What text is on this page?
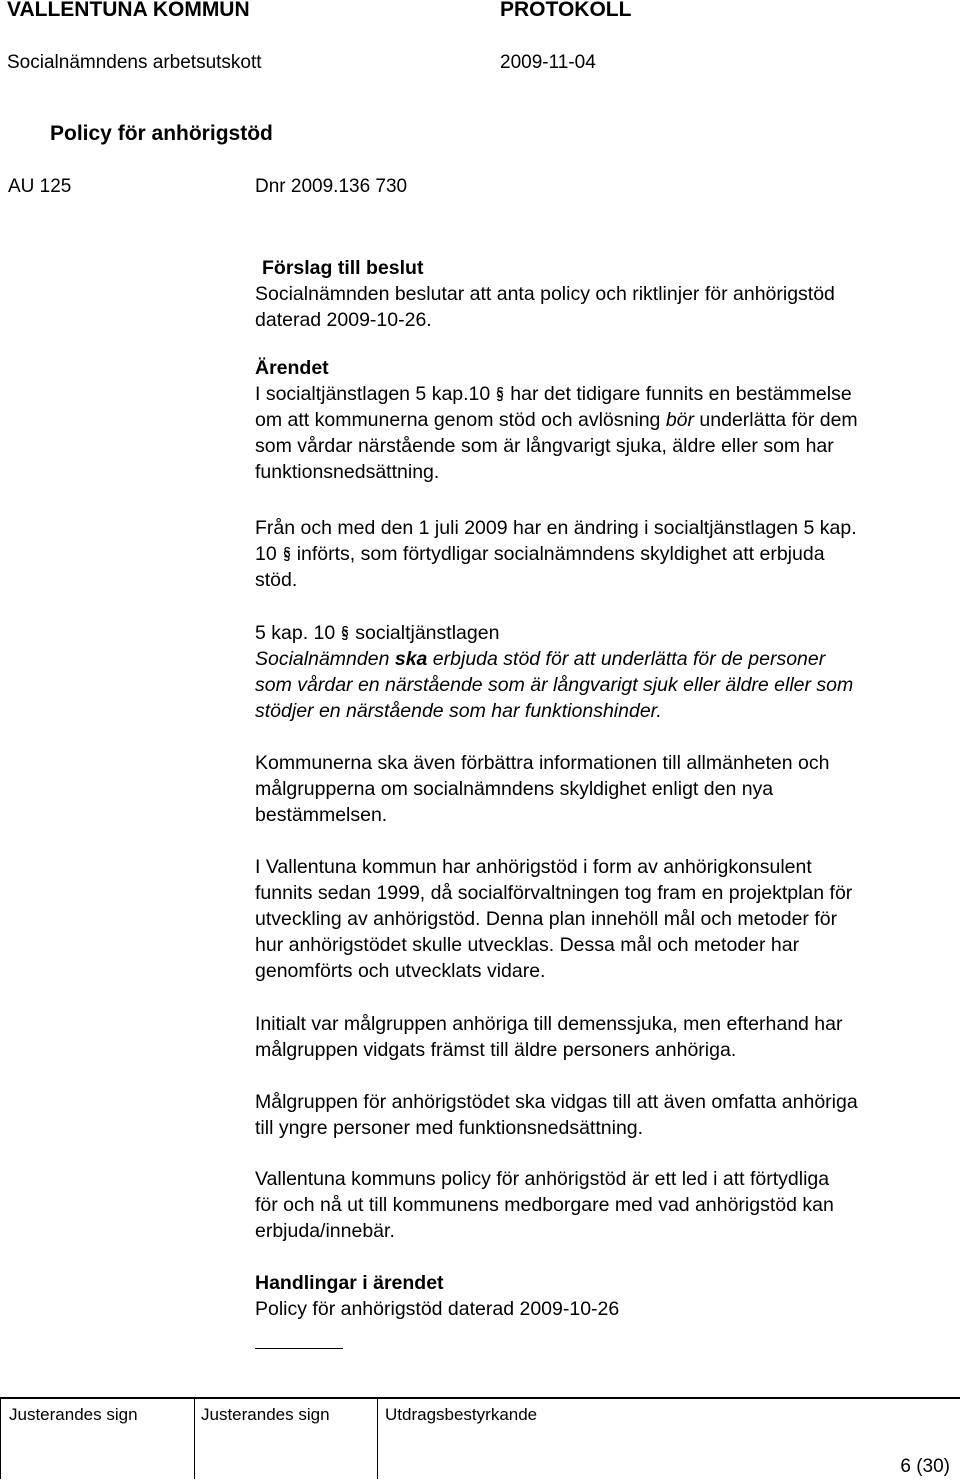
VALLENTUNA KOMMUN	PROTOKOLL
Socialnämndens arbetsutskott	2009-11-04
Policy för anhörigstöd
AU 125	Dnr 2009.136 730
Förslag till beslut
Socialnämnden beslutar att anta policy och riktlinjer för anhörigstöd
daterad 2009-10-26.
Ärendet
I socialtjänstlagen 5 kap.10 har det tidigare funnits en bestämmelse
om att kommunerna genom stöd och avlösning bör underlätta för dem
som vårdar närstående som är långvarigt sjuka, äldre eller som har
funktionsnedsättning.
Från och med den 1 juli 2009 har en ändring i socialtjänstlagen 5 kap.
10 införts, som förtydligar socialnämndens skyldighet att erbjuda
stöd.
5 kap. 10 socialtjänstlagen
Socialnämnden ska erbjuda stöd för att underlätta för de personer
som vårdar en närstående som är långvarigt sjuk eller äldre eller som
stödjer en närstående som har funktionshinder.
Kommunerna ska även förbättra informationen till allmänheten och
målgrupperna om socialnämndens skyldighet enligt den nya
bestämmelsen.
I Vallentuna kommun har anhörigstöd i form av anhörigkonsulent
funnits sedan 1999, då socialförvaltningen tog fram en projektplan för
utveckling av anhörigstöd. Denna plan innehöll mål och metoder för
hur anhörigstödet skulle utvecklas. Dessa mål och metoder har
genomförts och utvecklats vidare.
Initialt var målgruppen anhöriga till demenssjuka, men efterhand har
målgruppen vidgats främst till äldre personers anhöriga.
Målgruppen för anhörigstödet ska vidgas till att även omfatta anhöriga
till yngre personer med funktionsnedsättning.
Vallentuna kommuns policy för anhörigstöd är ett led i att förtydliga
för och nå ut till kommunens medborgare med vad anhörigstöd kan
erbjuda/innebär.
Handlingar i ärendet
Policy för anhörigstöd daterad 2009-10-26
Justerandes sign	Justerandes sign	Utdragsbestyrkande
6 (30)
